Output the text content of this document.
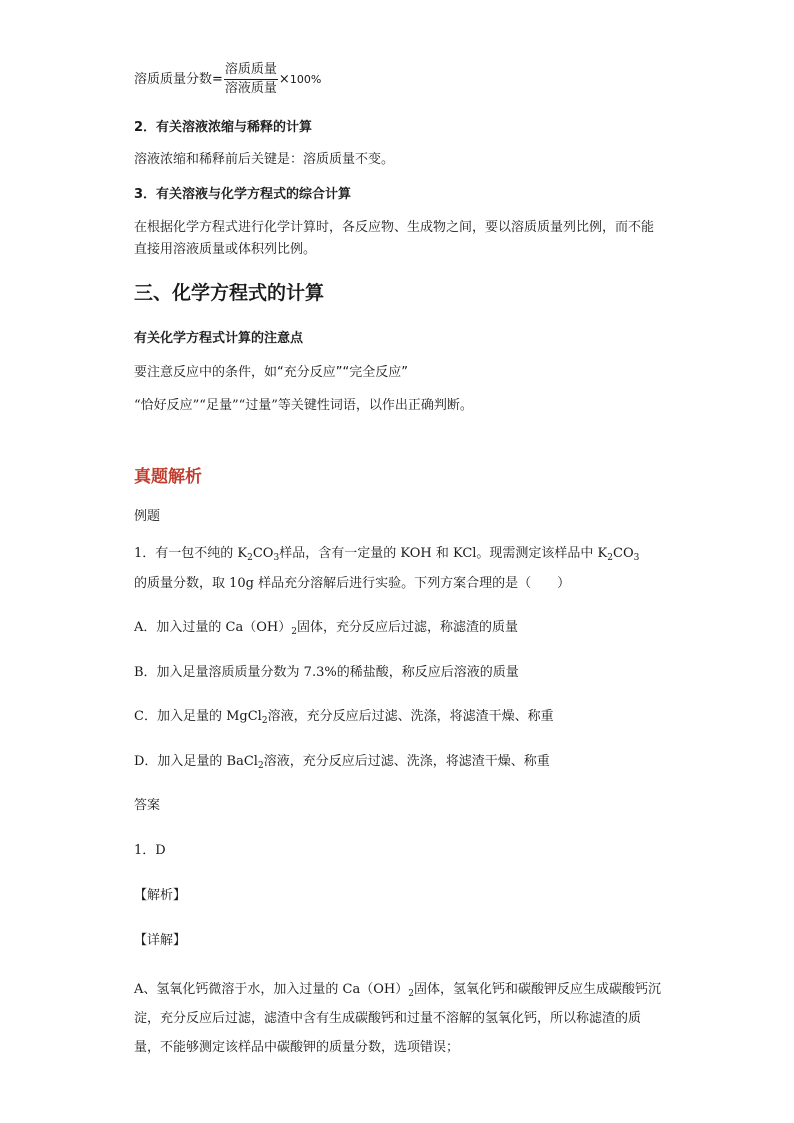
溶质质量分数= $\frac{\text{溶质质量}}{\text{溶液质量}} \times 100\%$
2．有关溶液浓缩与稀释的计算
溶液浓缩和稀释前后关键是：溶质质量不变。
3．有关溶液与化学方程式的综合计算
在根据化学方程式进行化学计算时，各反应物、生成物之间，要以溶质质量列比例，而不能直接用溶液质量或体积列比例。
三、化学方程式的计算
有关化学方程式计算的注意点
要注意反应中的条件，如“充分反应”“完全反应”
“恰好反应”“足量”“过量”等关键性词语，以作出正确判断。
真题解析
例题
1．有一包不纯的 $K_2CO_3$样品，含有一定量的 KOH 和 KCl。现需测定该样品中 $K_2CO_3$
的质量分数，取 10g 样品充分溶解后进行实验。下列方案合理的是（　　）
A．加入过量的 $Ca(OH)_2$固体，充分反应后过滤，称滤渣的质量
B．加入足量溶质质量分数为 7.3%的稀盐酸，称反应后溶液的质量
C．加入足量的 MgCl$_2$溶液，充分反应后过滤、洗涤，将滤渣干燥、称重
D．加入足量的 BaCl$_2$溶液，充分反应后过滤、洗涤，将滤渣干燥、称重
答案
1．D
【解析】
【详解】
A、氢氧化钙微溶于水，加入过量的 $Ca(OH)_2$固体，氢氧化钙和碳酸钾反应生成碳酸钙沉淀，充分反应后过滤，滤渣中含有生成碳酸钙和过量不溶解的氢氧化钙，所以称滤渣的质量，不能够测定该样品中碳酸钾的质量分数，选项错误；
